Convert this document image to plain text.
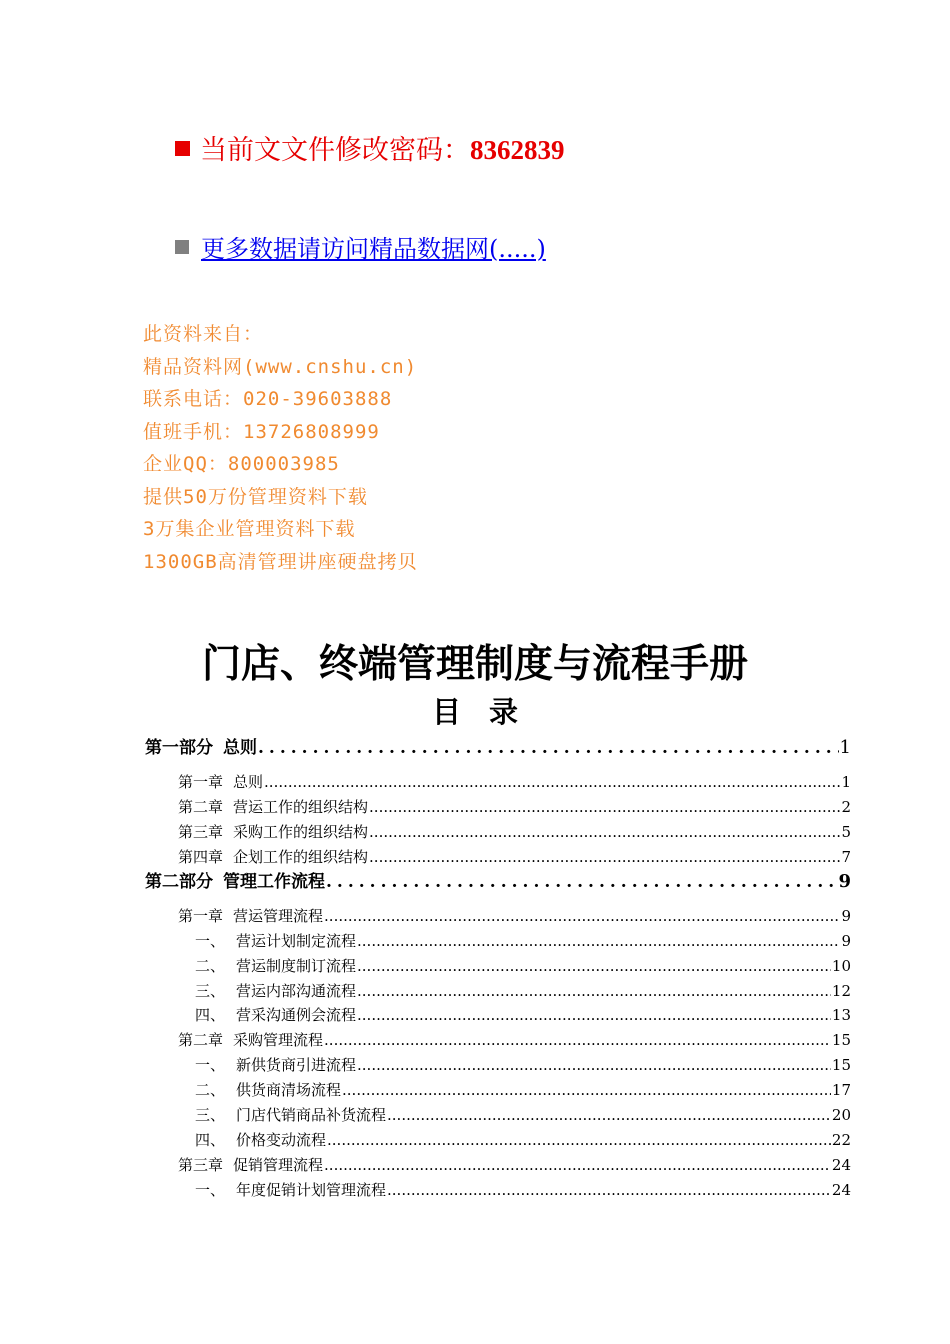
当前文文件修改密码：8362839
更多数据请访问精品数据网(.....)
此资料来自：
精品资料网(www.cnshu.cn)
联系电话：020-39603888
值班手机：13726808999
企业QQ：800003985
提供50万份管理资料下载
3万集企业管理资料下载
1300GB高清管理讲座硬盘拷贝
门店、终端管理制度与流程手册
目录
第一部分 总则 .....	1
第一章 总则 .....	1
第二章 营运工作的组织结构 .....	2
第三章 采购工作的组织结构 .....	5
第四章 企划工作的组织结构 .....	7
第二部分 管理工作流程 .....	9
第一章 营运管理流程 .....	9
一、 营运计划制定流程 .....	9
二、 营运制度制订流程 .....	10
三、 营运内部沟通流程 .....	12
四、 营采沟通例会流程 .....	13
第二章 采购管理流程 .....	15
一、 新供货商引进流程 .....	15
二、 供货商清场流程 .....	17
三、 门店代销商品补货流程 .....	20
四、 价格变动流程 .....	22
第三章 促销管理流程 .....	24
一、 年度促销计划管理流程 .....	24
